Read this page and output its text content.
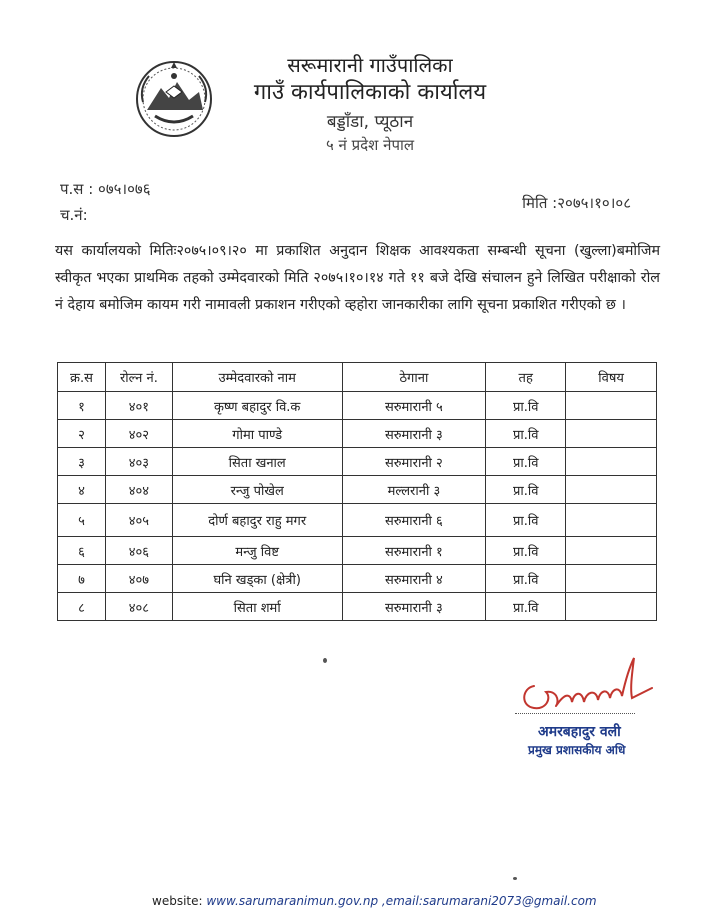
सरूमारानी गाउँपालिका
गाउँ कार्यपालिकाको कार्यालय
बड्डाँडा, प्यूठान
५ नं प्रदेश नेपाल
प.स : ०७५।०७६
च.नं:
मिति :२०७५।१०।०८
यस कार्यालयको मितिः२०७५।०९।२० मा प्रकाशित अनुदान शिक्षक आवश्यकता सम्बन्धी सूचना (खुल्ला)बमोजिम स्वीकृत भएका प्राथमिक तहको उम्मेदवारको मिति २०७५।१०।१४ गते ११ बजे देखि संचालन हुने लिखित परीक्षाको रोल नं देहाय बमोजिम कायम गरी नामावली प्रकाशन गरीएको व्हहोरा जानकारीका लागि सूचना प्रकाशित गरीएको छ ।
क्र.स	रोल्न नं.	उम्मेदवारको नाम	ठेगाना	तह	विषय
१	४०१	कृष्ण बहादुर वि.क	सरुमारानी ५	प्रा.वि	
२	४०२	गोमा पाण्डे	सरुमारानी ३	प्रा.वि	
३	४०३	सिता खनाल	सरुमारानी २	प्रा.वि	
४	४०४	रन्जु पोखेल	मल्लरानी ३	प्रा.वि	
५	४०५	दोर्ण बहादुर राहु मगर	सरुमारानी ६	प्रा.वि	
६	४०६	मन्जु विष्ट	सरुमारानी १	प्रा.वि	
७	४०७	घनि खड्का (क्षेत्री)	सरुमारानी ४	प्रा.वि	
८	४०८	सिता शर्मा	सरुमारानी ३	प्रा.वि	
अमरबहादुर वली
प्रमुख प्रशासकीय अधि
website: www.sarumaranimun.gov.np ,email:sarumarani2073@gmail.com
